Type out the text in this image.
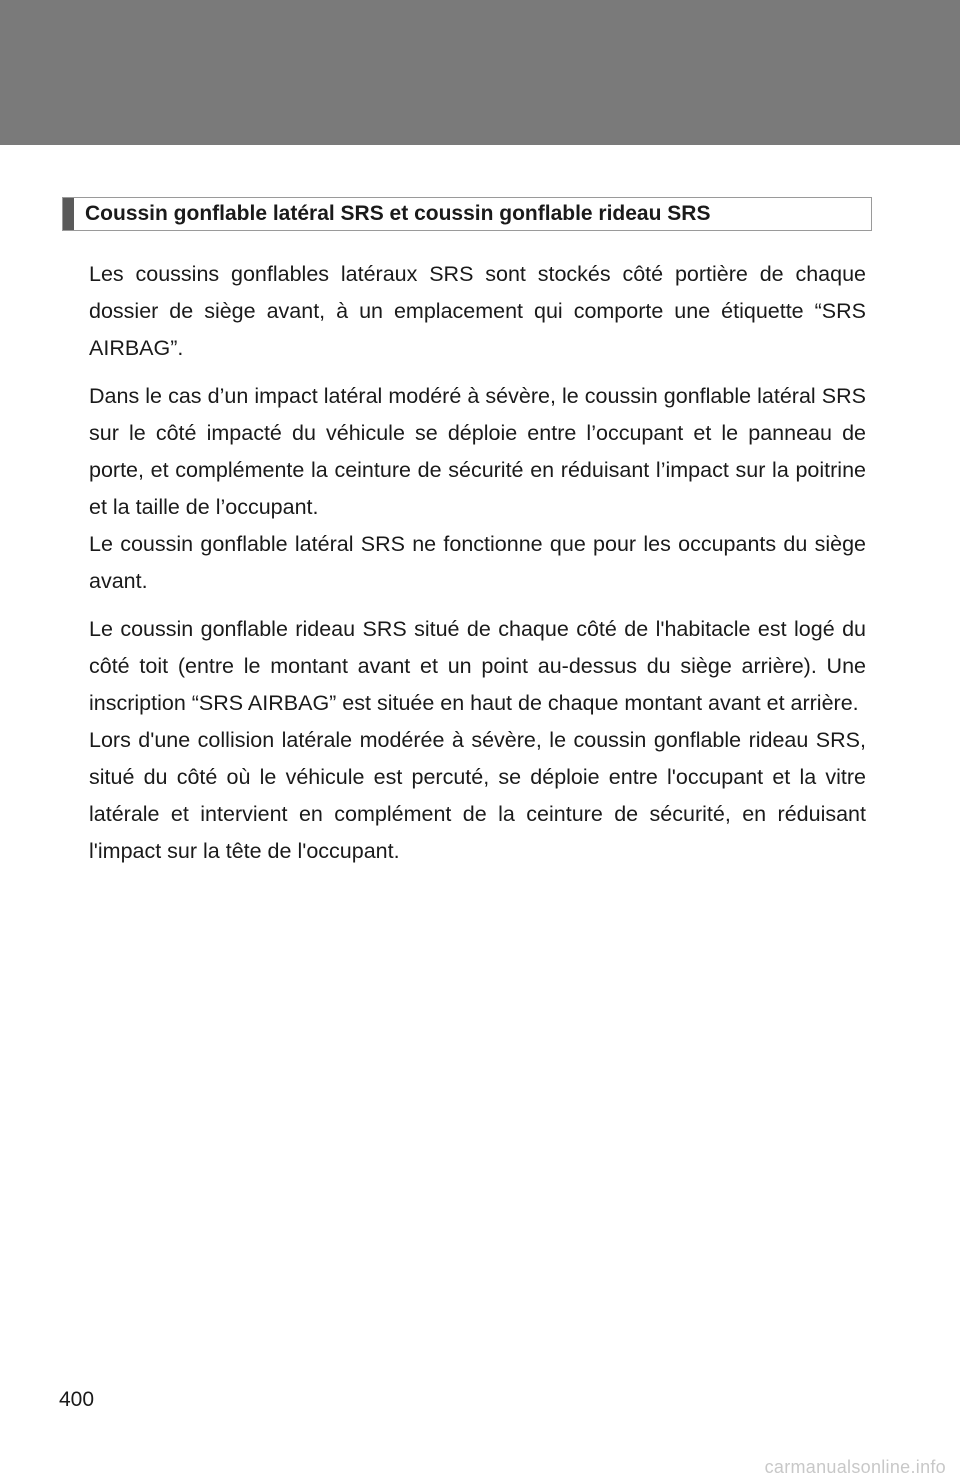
Coussin gonflable latéral SRS et coussin gonflable rideau SRS

Les coussins gonflables latéraux SRS sont stockés côté portière de chaque dossier de siège avant, à un emplacement qui comporte une étiquette “SRS AIRBAG”.

Dans le cas d’un impact latéral modéré à sévère, le coussin gonflable latéral SRS sur le côté impacté du véhicule se déploie entre l’occupant et le panneau de porte, et complémente la ceinture de sécurité en réduisant l’impact sur la poitrine et la taille de l’occupant.

Le coussin gonflable latéral SRS ne fonctionne que pour les occupants du siège avant.

Le coussin gonflable rideau SRS situé de chaque côté de l'habitacle est logé du côté toit (entre le montant avant et un point au-dessus du siège arrière). Une inscription “SRS AIRBAG” est située en haut de chaque montant avant et arrière.

Lors d'une collision latérale modérée à sévère, le coussin gonflable rideau SRS, situé du côté où le véhicule est percuté, se déploie entre l'occupant et la vitre latérale et intervient en complément de la ceinture de sécurité, en réduisant l'impact sur la tête de l'occupant.

400
carmanualsonline.info
